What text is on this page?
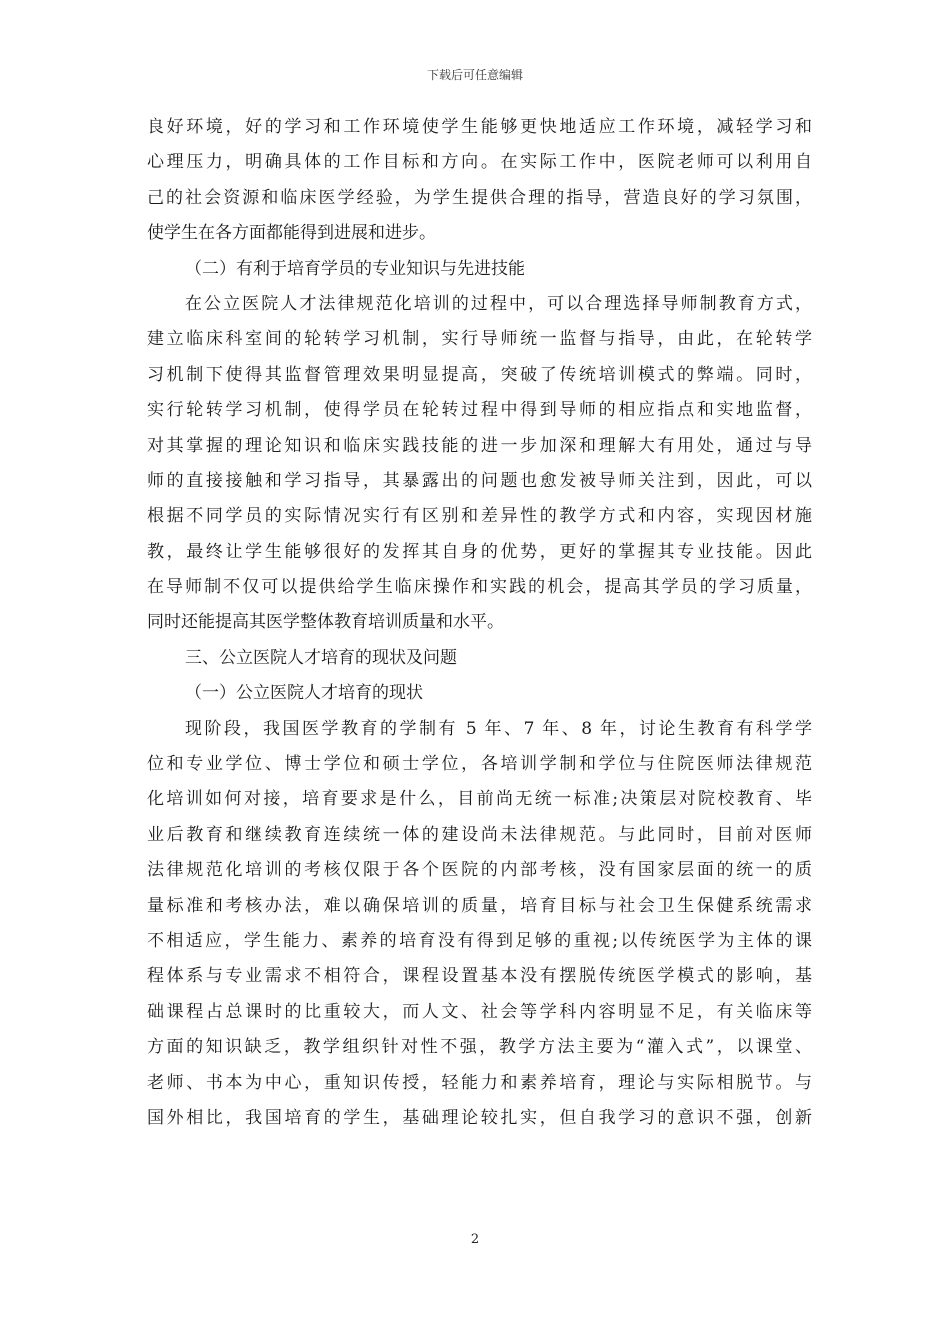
下载后可任意编辑
良好环境，好的学习和工作环境使学生能够更快地适应工作环境，减轻学习和
心理压力，明确具体的工作目标和方向。在实际工作中，医院老师可以利用自
己的社会资源和临床医学经验，为学生提供合理的指导，营造良好的学习氛围，
使学生在各方面都能得到进展和进步。
（二）有利于培育学员的专业知识与先进技能
在公立医院人才法律规范化培训的过程中，可以合理选择导师制教育方式，
建立临床科室间的轮转学习机制，实行导师统一监督与指导，由此，在轮转学
习机制下使得其监督管理效果明显提高，突破了传统培训模式的弊端。同时，
实行轮转学习机制，使得学员在轮转过程中得到导师的相应指点和实地监督，
对其掌握的理论知识和临床实践技能的进一步加深和理解大有用处，通过与导
师的直接接触和学习指导，其暴露出的问题也愈发被导师关注到，因此，可以
根据不同学员的实际情况实行有区别和差异性的教学方式和内容，实现因材施
教，最终让学生能够很好的发挥其自身的优势，更好的掌握其专业技能。因此
在导师制不仅可以提供给学生临床操作和实践的机会，提高其学员的学习质量，
同时还能提高其医学整体教育培训质量和水平。
三、公立医院人才培育的现状及问题
（一）公立医院人才培育的现状
现阶段，我国医学教育的学制有 5 年、7 年、8 年，讨论生教育有科学学
位和专业学位、博士学位和硕士学位，各培训学制和学位与住院医师法律规范
化培训如何对接，培育要求是什么，目前尚无统一标准;决策层对院校教育、毕
业后教育和继续教育连续统一体的建设尚未法律规范。与此同时，目前对医师
法律规范化培训的考核仅限于各个医院的内部考核，没有国家层面的统一的质
量标准和考核办法，难以确保培训的质量，培育目标与社会卫生保健系统需求
不相适应，学生能力、素养的培育没有得到足够的重视;以传统医学为主体的课
程体系与专业需求不相符合，课程设置基本没有摆脱传统医学模式的影响，基
础课程占总课时的比重较大，而人文、社会等学科内容明显不足，有关临床等
方面的知识缺乏，教学组织针对性不强，教学方法主要为“灌入式”，以课堂、
老师、书本为中心，重知识传授，轻能力和素养培育，理论与实际相脱节。与
国外相比，我国培育的学生，基础理论较扎实，但自我学习的意识不强，创新
2
